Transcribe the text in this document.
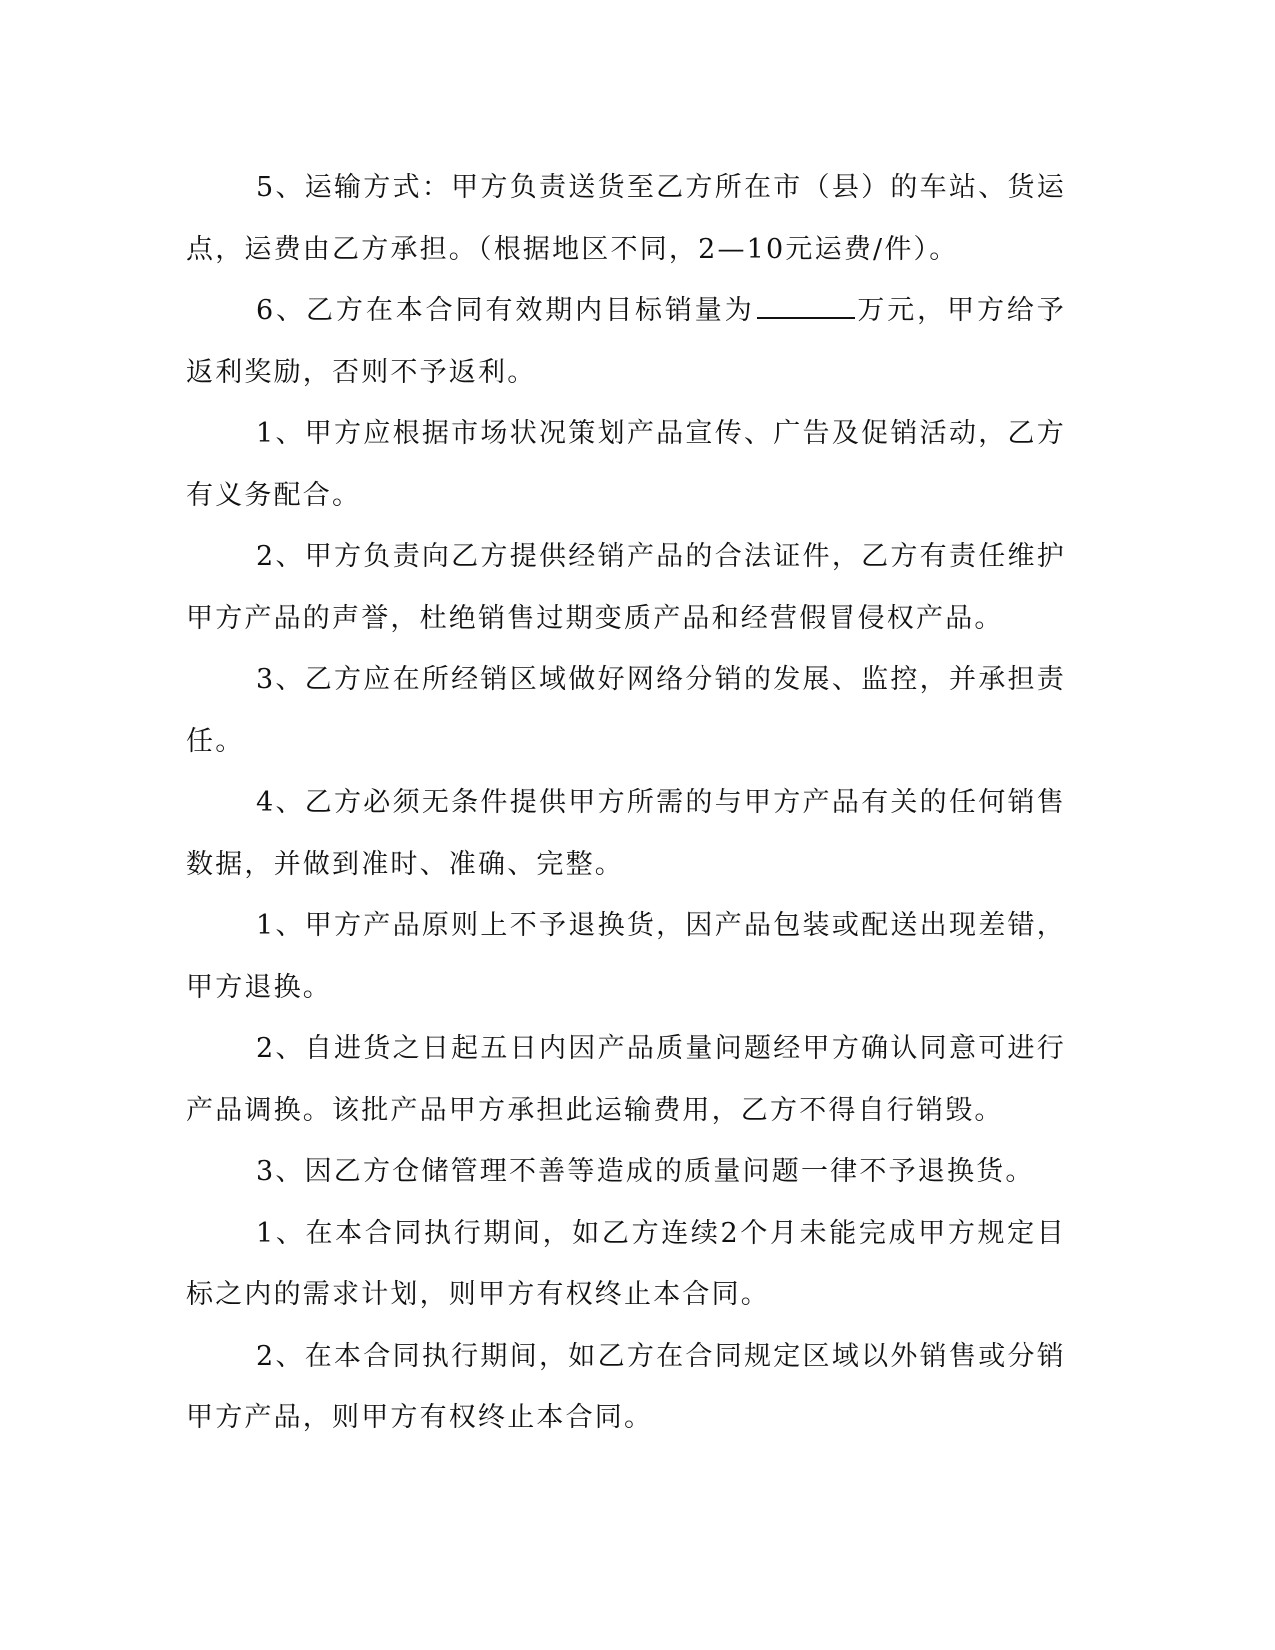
5、运输方式：甲方负责送货至乙方所在市（县）的车站、货运点，运费由乙方承担。（根据地区不同，2—10元运费/件）。

6、乙方在本合同有效期内目标销量为	万元，甲方给予返利奖励，否则不予返利。

1、甲方应根据市场状况策划产品宣传、广告及促销活动，乙方有义务配合。

2、甲方负责向乙方提供经销产品的合法证件，乙方有责任维护甲方产品的声誉，杜绝销售过期变质产品和经营假冒侵权产品。

3、乙方应在所经销区域做好网络分销的发展、监控，并承担责任。

4、乙方必须无条件提供甲方所需的与甲方产品有关的任何销售数据，并做到准时、准确、完整。

1、甲方产品原则上不予退换货，因产品包装或配送出现差错，甲方退换。

2、自进货之日起五日内因产品质量问题经甲方确认同意可进行产品调换。该批产品甲方承担此运输费用，乙方不得自行销毁。

3、因乙方仓储管理不善等造成的质量问题一律不予退换货。

1、在本合同执行期间，如乙方连续2个月未能完成甲方规定目标之内的需求计划，则甲方有权终止本合同。

2、在本合同执行期间，如乙方在合同规定区域以外销售或分销甲方产品，则甲方有权终止本合同。
